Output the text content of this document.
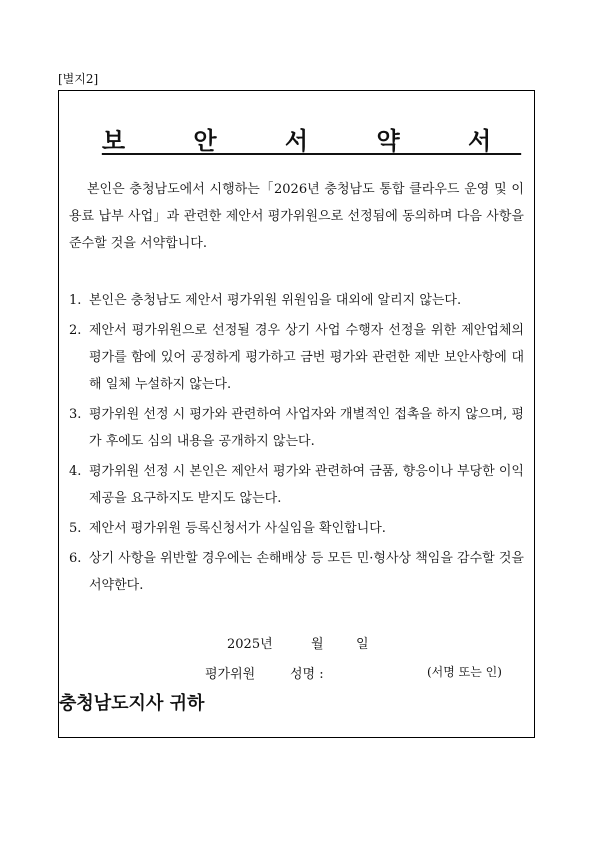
[별지2]
보 안 서 약 서
본인은 충청남도에서 시행하는「2026년 충청남도 통합 클라우드 운영 및 이용료 납부 사업」과 관련한 제안서 평가위원으로 선정됨에 동의하며 다음 사항을 준수할 것을 서약합니다.
1. 본인은 충청남도 제안서 평가위원 위원임을 대외에 알리지 않는다.
2. 제안서 평가위원으로 선정될 경우 상기 사업 수행자 선정을 위한 제안업체의 평가를 함에 있어 공정하게 평가하고 금번 평가와 관련한 제반 보안사항에 대해 일체 누설하지 않는다.
3. 평가위원 선정 시 평가와 관련하여 사업자와 개별적인 접촉을 하지 않으며, 평가 후에도 심의 내용을 공개하지 않는다.
4. 평가위원 선정 시 본인은 제안서 평가와 관련하여 금품, 향응이나 부당한 이익 제공을 요구하지도 받지도 않는다.
5. 제안서 평가위원 등록신청서가 사실임을 확인합니다.
6. 상기 사항을 위반할 경우에는 손해배상 등 모든 민·형사상 책임을 감수할 것을 서약한다.
2025년	월 일
평가위원	성명 :	(서명 또는 인)
충청남도지사 귀하
